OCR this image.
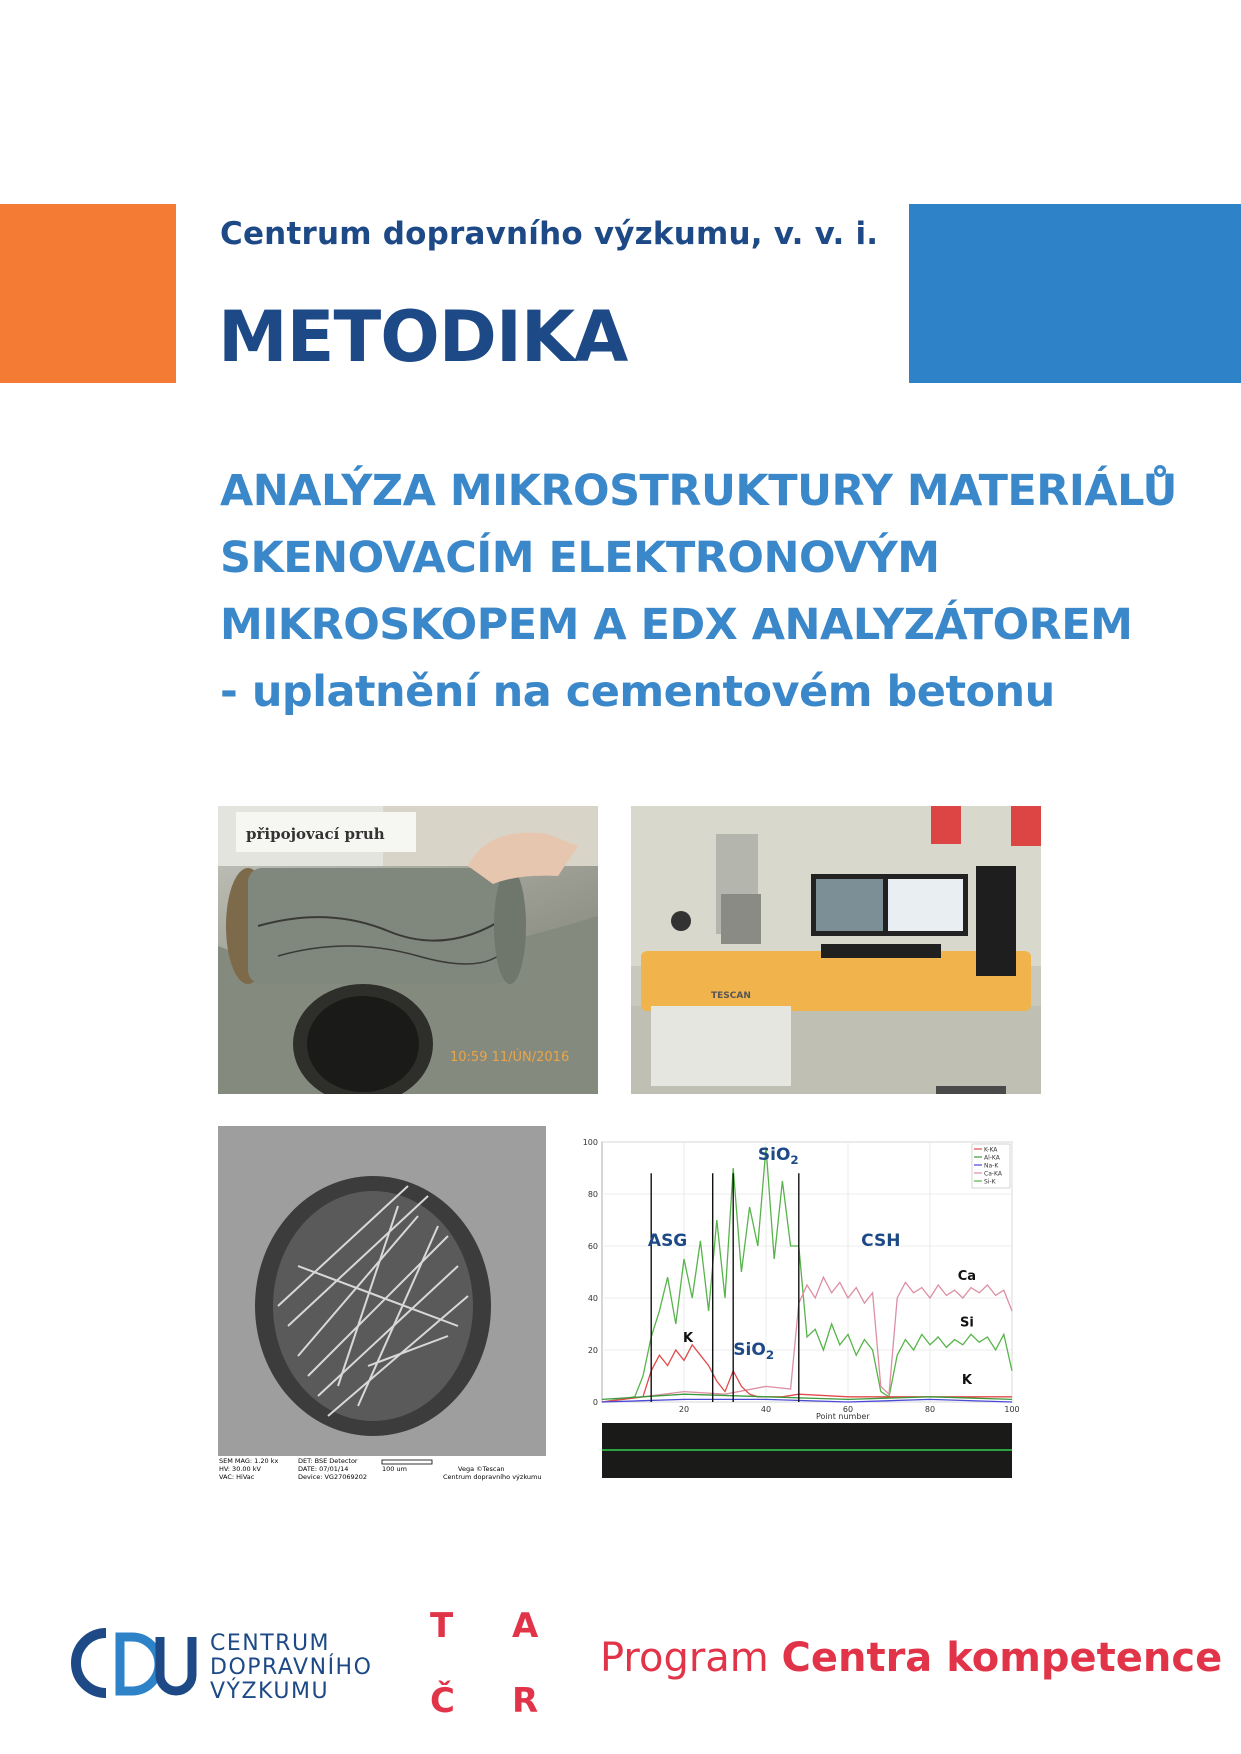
Centrum dopravního výzkumu, v. v. i.
METODIKA
ANALÝZA MIKROSTRUKTURY MATERIÁLŮ
SKENOVACÍM ELEKTRONOVÝM
MIKROSKOPEM A EDX ANALYZÁTOREM
- uplatnění na cementovém betonu
připojovací pruh
10:59 11/ÚN/2016
TESCAN
SEM MAG: 1.20 kx
HV: 30.00 kV
VAC: HiVac
DET: BSE Detector
DATE: 07/01/14
Device: VG27069202
100 um	Vega ©Tescan
Centrum dopravního výzkumu
0
20
40
60
80
100
20	40	60	80	100
K-KA
Al-KA
Na-K
Ca-KA
Si-K
ASG
SiO$_2$
CSH
K
SiO$_2$
Ca
Si
K
Point number
CENTRUM
DOPRAVNÍHO
VÝZKUMU
T A
Č R
Program Centra kompetence
